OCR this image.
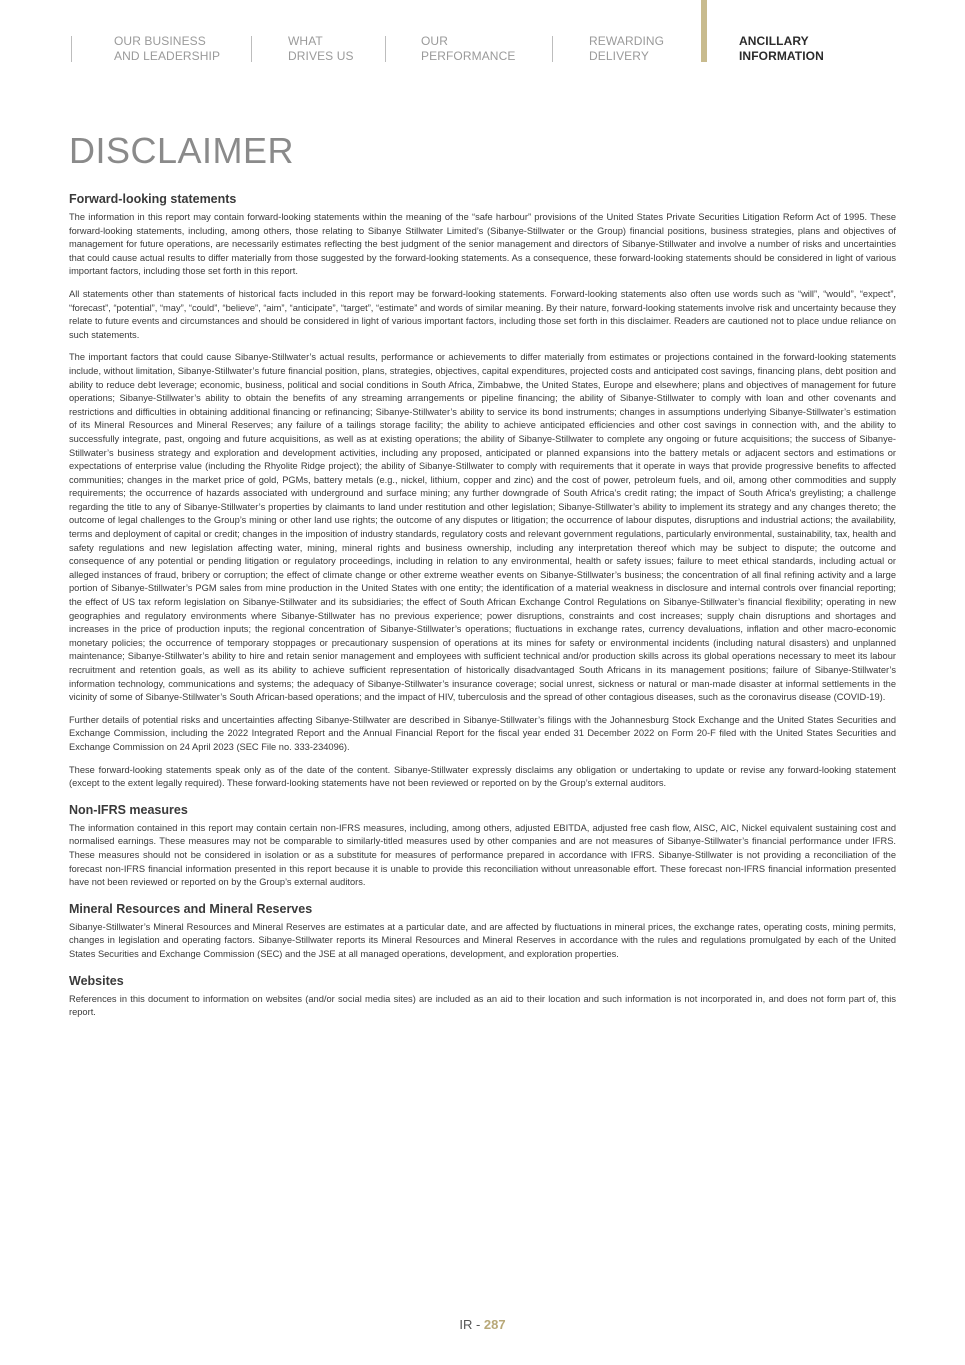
OUR BUSINESS
AND LEADERSHIP
WHAT
DRIVES US
OUR
PERFORMANCE
REWARDING
DELIVERY
ANCILLARY
INFORMATION
DISCLAIMER
Forward-looking statements

The information in this report may contain forward-looking statements within the meaning of the “safe harbour” provisions of the United States Private Securities Litigation Reform Act of 1995. These forward-looking statements, including, among others, those relating to Sibanye Stillwater Limited’s (Sibanye-Stillwater or the Group) financial positions, business strategies, plans and objectives of management for future operations, are necessarily estimates reflecting the best judgment of the senior management and directors of Sibanye-Stillwater and involve a number of risks and uncertainties that could cause actual results to differ materially from those suggested by the forward-looking statements. As a consequence, these forward-looking statements should be considered in light of various important factors, including those set forth in this report.

All statements other than statements of historical facts included in this report may be forward-looking statements. Forward-looking statements also often use words such as “will”, “would”, “expect”, “forecast”, “potential”, “may”, “could”, “believe”, “aim”, “anticipate”, “target”, “estimate” and words of similar meaning. By their nature, forward-looking statements involve risk and uncertainty because they relate to future events and circumstances and should be considered in light of various important factors, including those set forth in this disclaimer. Readers are cautioned not to place undue reliance on such statements.

The important factors that could cause Sibanye-Stillwater’s actual results, performance or achievements to differ materially from estimates or projections contained in the forward-looking statements include, without limitation, Sibanye-Stillwater’s future financial position, plans, strategies, objectives, capital expenditures, projected costs and anticipated cost savings, financing plans, debt position and ability to reduce debt leverage; economic, business, political and social conditions in South Africa, Zimbabwe, the United States, Europe and elsewhere; plans and objectives of management for future operations; Sibanye-Stillwater’s ability to obtain the benefits of any streaming arrangements or pipeline financing; the ability of Sibanye-Stillwater to comply with loan and other covenants and restrictions and difficulties in obtaining additional financing or refinancing; Sibanye-Stillwater’s ability to service its bond instruments; changes in assumptions underlying Sibanye-Stillwater’s estimation of its Mineral Resources and Mineral Reserves; any failure of a tailings storage facility; the ability to achieve anticipated efficiencies and other cost savings in connection with, and the ability to successfully integrate, past, ongoing and future acquisitions, as well as at existing operations; the ability of Sibanye-Stillwater to complete any ongoing or future acquisitions; the success of Sibanye-Stillwater’s business strategy and exploration and development activities, including any proposed, anticipated or planned expansions into the battery metals or adjacent sectors and estimations or expectations of enterprise value (including the Rhyolite Ridge project); the ability of Sibanye-Stillwater to comply with requirements that it operate in ways that provide progressive benefits to affected communities; changes in the market price of gold, PGMs, battery metals (e.g., nickel, lithium, copper and zinc) and the cost of power, petroleum fuels, and oil, among other commodities and supply requirements; the occurrence of hazards associated with underground and surface mining; any further downgrade of South Africa’s credit rating; the impact of South Africa's greylisting; a challenge regarding the title to any of Sibanye-Stillwater’s properties by claimants to land under restitution and other legislation; Sibanye-Stillwater’s ability to implement its strategy and any changes thereto; the outcome of legal challenges to the Group’s mining or other land use rights; the outcome of any disputes or litigation; the occurrence of labour disputes, disruptions and industrial actions; the availability, terms and deployment of capital or credit; changes in the imposition of industry standards, regulatory costs and relevant government regulations, particularly environmental, sustainability, tax, health and safety regulations and new legislation affecting water, mining, mineral rights and business ownership, including any interpretation thereof which may be subject to dispute; the outcome and consequence of any potential or pending litigation or regulatory proceedings, including in relation to any environmental, health or safety issues; failure to meet ethical standards, including actual or alleged instances of fraud, bribery or corruption; the effect of climate change or other extreme weather events on Sibanye-Stillwater’s business; the concentration of all final refining activity and a large portion of Sibanye-Stillwater’s PGM sales from mine production in the United States with one entity; the identification of a material weakness in disclosure and internal controls over financial reporting; the effect of US tax reform legislation on Sibanye-Stillwater and its subsidiaries; the effect of South African Exchange Control Regulations on Sibanye-Stillwater’s financial flexibility; operating in new geographies and regulatory environments where Sibanye-Stillwater has no previous experience; power disruptions, constraints and cost increases; supply chain disruptions and shortages and increases in the price of production inputs; the regional concentration of Sibanye-Stillwater’s operations; fluctuations in exchange rates, currency devaluations, inflation and other macro-economic monetary policies; the occurrence of temporary stoppages or precautionary suspension of operations at its mines for safety or environmental incidents (including natural disasters) and unplanned maintenance; Sibanye-Stillwater’s ability to hire and retain senior management and employees with sufficient technical and/or production skills across its global operations necessary to meet its labour recruitment and retention goals, as well as its ability to achieve sufficient representation of historically disadvantaged South Africans in its management positions; failure of Sibanye-Stillwater’s information technology, communications and systems; the adequacy of Sibanye-Stillwater’s insurance coverage; social unrest, sickness or natural or man-made disaster at informal settlements in the vicinity of some of Sibanye-Stillwater’s South African-based operations; and the impact of HIV, tuberculosis and the spread of other contagious diseases, such as the coronavirus disease (COVID-19).

Further details of potential risks and uncertainties affecting Sibanye-Stillwater are described in Sibanye-Stillwater’s filings with the Johannesburg Stock Exchange and the United States Securities and Exchange Commission, including the 2022 Integrated Report and the Annual Financial Report for the fiscal year ended 31 December 2022 on Form 20-F filed with the United States Securities and Exchange Commission on 24 April 2023 (SEC File no. 333-234096).

These forward-looking statements speak only as of the date of the content. Sibanye-Stillwater expressly disclaims any obligation or undertaking to update or revise any forward-looking statement (except to the extent legally required). These forward-looking statements have not been reviewed or reported on by the Group’s external auditors.

Non-IFRS measures

The information contained in this report may contain certain non-IFRS measures, including, among others, adjusted EBITDA, adjusted free cash flow, AISC, AIC, Nickel equivalent sustaining cost and normalised earnings. These measures may not be comparable to similarly-titled measures used by other companies and are not measures of Sibanye-Stillwater’s financial performance under IFRS. These measures should not be considered in isolation or as a substitute for measures of performance prepared in accordance with IFRS. Sibanye-Stillwater is not providing a reconciliation of the forecast non-IFRS financial information presented in this report because it is unable to provide this reconciliation without unreasonable effort. These forecast non-IFRS financial information presented have not been reviewed or reported on by the Group’s external auditors.

Mineral Resources and Mineral Reserves

Sibanye-Stillwater’s Mineral Resources and Mineral Reserves are estimates at a particular date, and are affected by fluctuations in mineral prices, the exchange rates, operating costs, mining permits, changes in legislation and operating factors. Sibanye-Stillwater reports its Mineral Resources and Mineral Reserves in accordance with the rules and regulations promulgated by each of the United States Securities and Exchange Commission (SEC) and the JSE at all managed operations, development, and exploration properties.

Websites

References in this document to information on websites (and/or social media sites) are included as an aid to their location and such information is not incorporated in, and does not form part of, this report.

IR - 287
